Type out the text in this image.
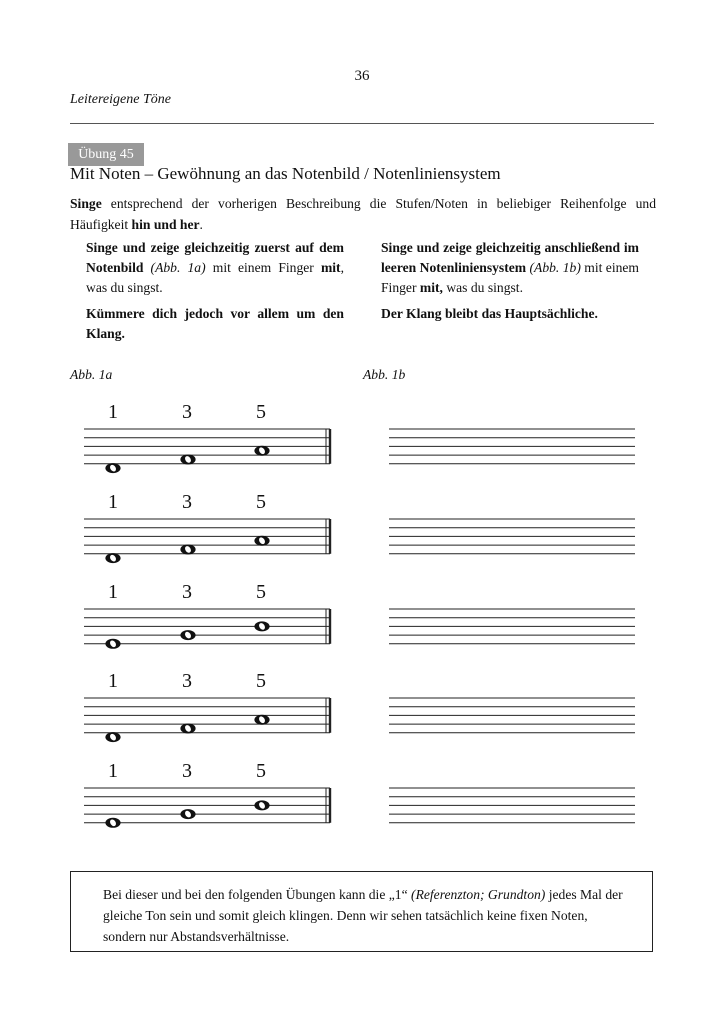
36
Leitereigene Töne
Übung 45
Mit Noten – Gewöhnung an das Notenbild / Notenliniensystem
Singe entsprechend der vorherigen Beschreibung die Stufen/Noten in beliebiger Reihenfolge und Häufigkeit hin und her.

Singe und zeige gleichzeitig zuerst auf dem Notenbild (Abb. 1a) mit einem Finger mit, was du singst.

Kümmere dich jedoch vor allem um den Klang.

Singe und zeige gleichzeitig anschließend im leeren Notenliniensystem (Abb. 1b) mit einem Finger mit, was du singst.

Der Klang bleibt das Hauptsächliche.

Abb. 1a	Abb. 1b
1	3	5
1	3	5
1	3	5
1	3	5
1	3	5
Bei dieser und bei den folgenden Übungen kann die „1“ (Referenzton; Grundton) jedes Mal der gleiche Ton sein und somit gleich klingen. Denn wir sehen tatsächlich keine fixen Noten, sondern nur Abstandsverhältnisse.
